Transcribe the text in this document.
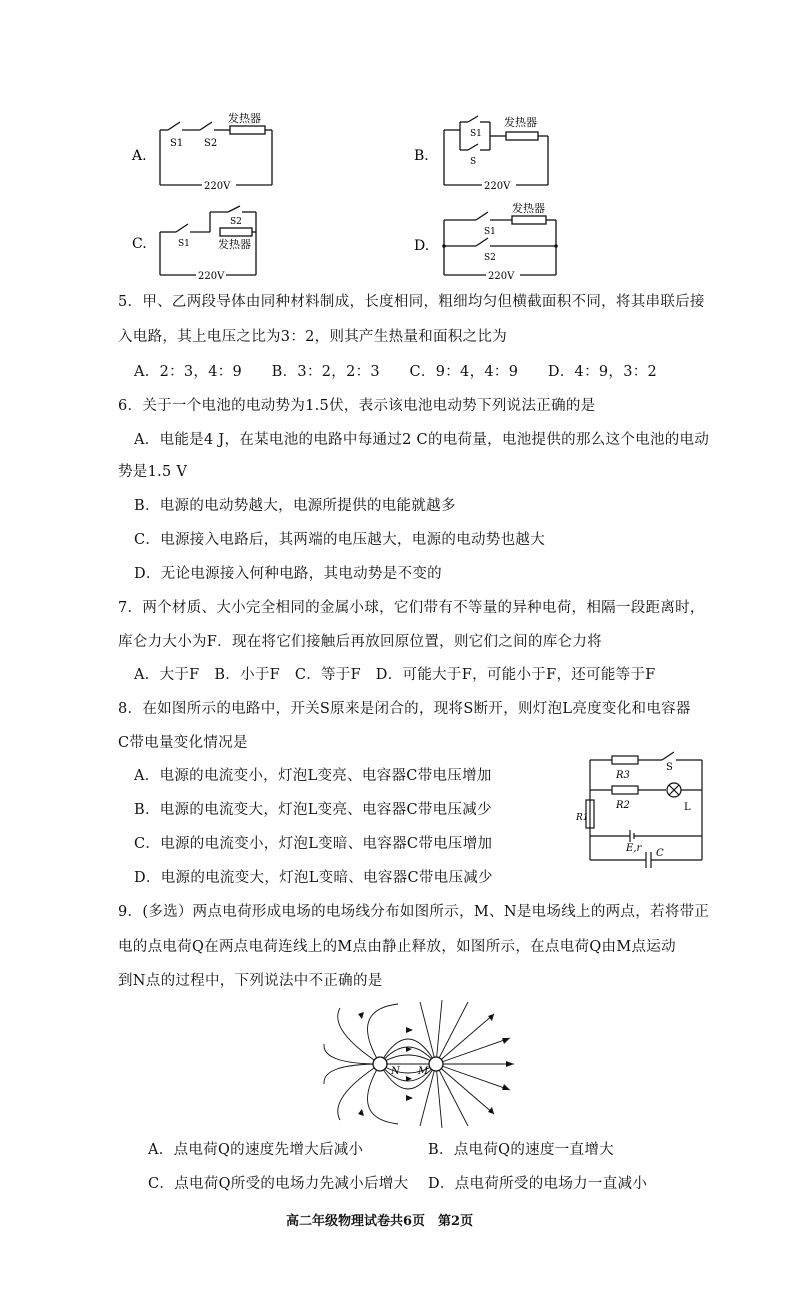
A.
S1 S2
发热器
220V
B.
S1
S
发热器
220V
C.	S1
S2
发热器
220V
D.
S1
S2
发热器
220V
5．甲、乙两段导体由同种材料制成，长度相同，粗细均匀但横截面积不同，将其串联后接
入电路，其上电压之比为3：2，则其产生热量和面积之比为
A．2：3，4：9　　B．3：2，2：3　　C．9：4，4：9　　D．4：9，3：2
6．关于一个电池的电动势为1.5伏，表示该电池电动势下列说法正确的是
A．电能是4 J，在某电池的电路中每通过2 C的电荷量，电池提供的那么这个电池的电动
势是1.5 V
B．电源的电动势越大，电源所提供的电能就越多
C．电源接入电路后，其两端的电压越大，电源的电动势也越大
D．无论电源接入何种电路，其电动势是不变的
7．两个材质、大小完全相同的金属小球，它们带有不等量的异种电荷，相隔一段距离时，
库仑力大小为F．现在将它们接触后再放回原位置，则它们之间的库仑力将
A．大于F　B．小于F　C．等于F　D．可能大于F，可能小于F，还可能等于F
8．在如图所示的电路中，开关S原来是闭合的，现将S断开，则灯泡L亮度变化和电容器
C带电量变化情况是
A．电源的电流变小，灯泡L变亮、电容器C带电压增加
B．电源的电流变大，灯泡L变亮、电容器C带电压减少
C．电源的电流变小，灯泡L变暗、电容器C带电压增加
D．电源的电流变大，灯泡L变暗、电容器C带电压减少
R3
S
R2	L
R1
E,r C
9．(多选）两点电荷形成电场的电场线分布如图所示，M、N是电场线上的两点，若将带正
电的点电荷Q在两点电荷连线上的M点由静止释放，如图所示，在点电荷Q由M点运动
到N点的过程中，下列说法中不正确的是
N M
A．点电荷Q的速度先增大后减小	B．点电荷Q的速度一直增大
C．点电荷Q所受的电场力先减小后增大 D．点电荷所受的电场力一直减小
高二年级物理试卷共6页　第2页
